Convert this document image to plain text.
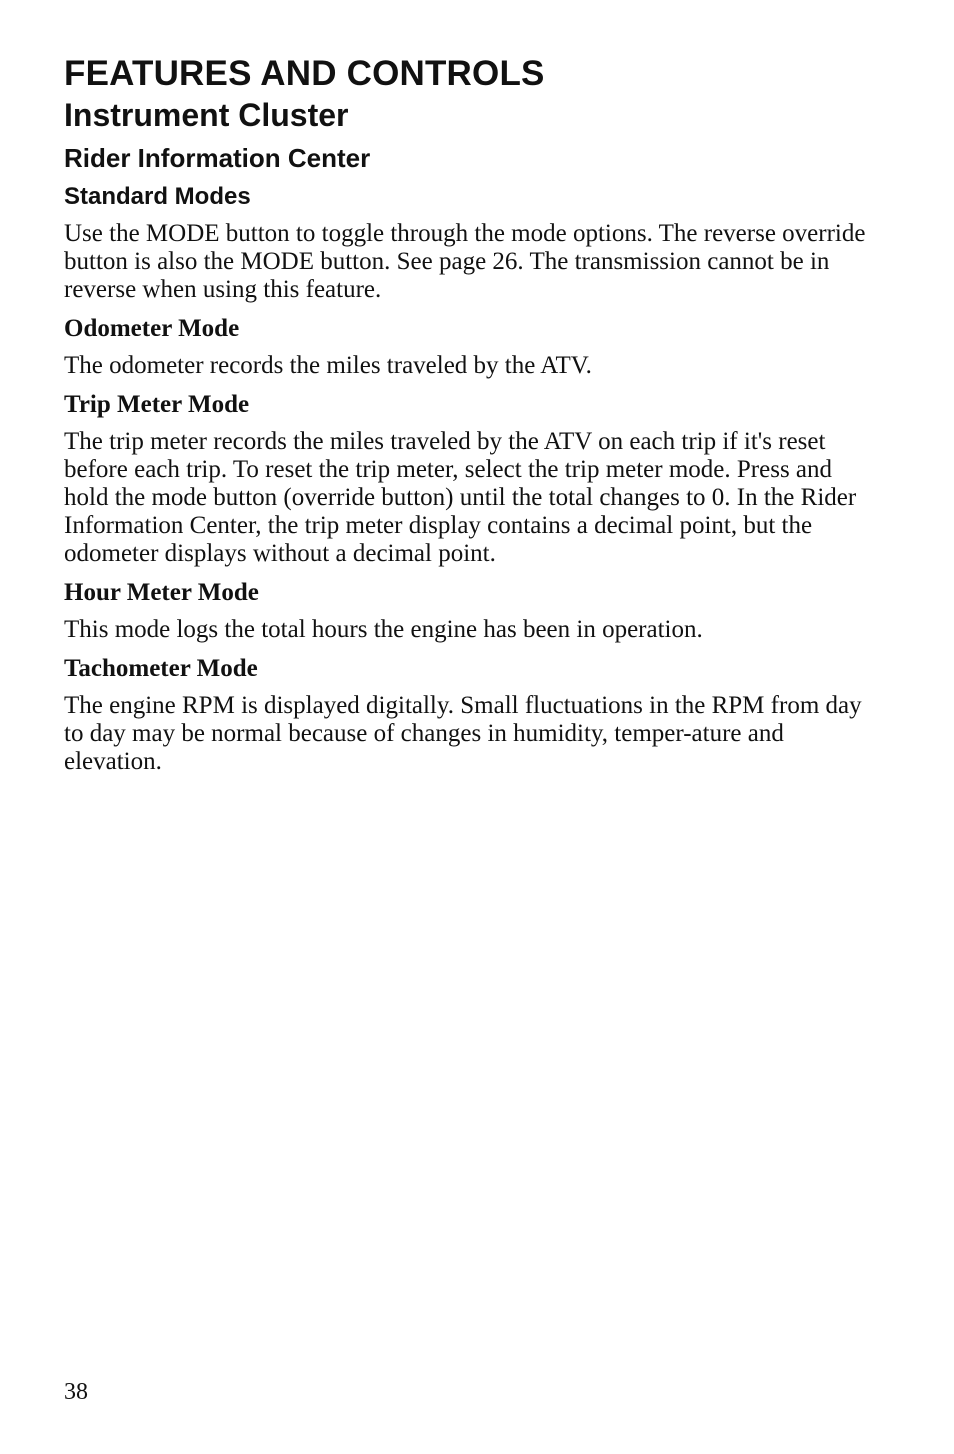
FEATURES AND CONTROLS
Instrument Cluster
Rider Information Center
Standard Modes

Use the MODE button to toggle through the mode options. The reverse override button is also the MODE button. See page 26. The transmission cannot be in reverse when using this feature.

Odometer Mode

The odometer records the miles traveled by the ATV.

Trip Meter Mode

The trip meter records the miles traveled by the ATV on each trip if it's reset before each trip. To reset the trip meter, select the trip meter mode. Press and hold the mode button (override button) until the total changes to 0. In the Rider Information Center, the trip meter display contains a decimal point, but the odometer displays without a decimal point.

Hour Meter Mode

This mode logs the total hours the engine has been in operation.

Tachometer Mode

The engine RPM is displayed digitally. Small fluctuations in the RPM from day to day may be normal because of changes in humidity, temper-ature and elevation.

38
